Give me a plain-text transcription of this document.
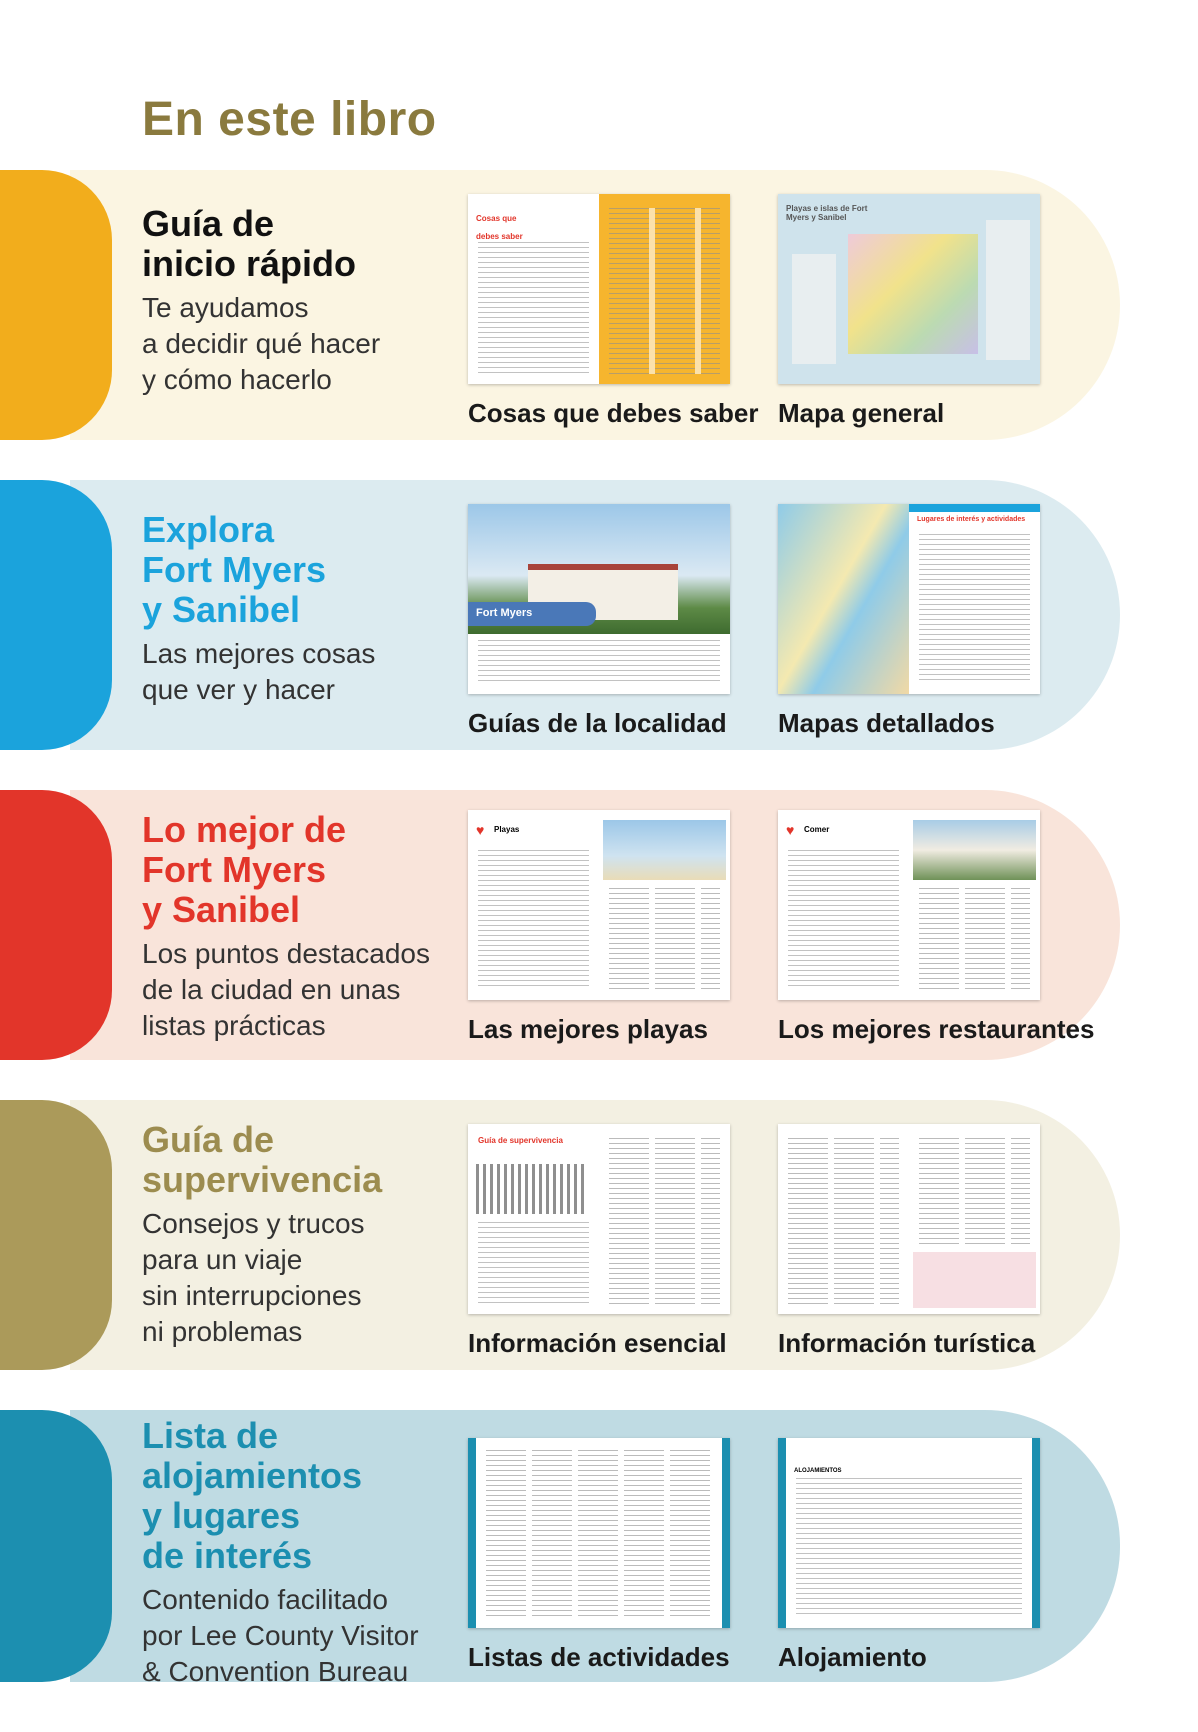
En este libro
Guía de
inicio rápido

Te ayudamos
a decidir qué hacer
y cómo hacerlo

Cosas que debes saber
Cosas que debes saber
Playas e islas de Fort Myers y Sanibel
Mapa general
Explora
Fort Myers
y Sanibel

Las mejores cosas
que ver y hacer

Fort Myers
Guías de la localidad
Lugares de interés y actividades
Mapas detallados
Lo mejor de
Fort Myers
y Sanibel

Los puntos destacados
de la ciudad en unas
listas prácticas

♥ Playas
Las mejores playas
♥ Comer
Los mejores restaurantes
Guía de
supervivencia

Consejos y trucos
para un viaje
sin interrupciones
ni problemas

Guía de supervivencia
Información esencial Información turística
Lista de
alojamientos
y lugares
de interés

Contenido facilitado
por Lee County Visitor
& Convention Bureau	Listas de actividades
ALOJAMIENTOS
Alojamiento
